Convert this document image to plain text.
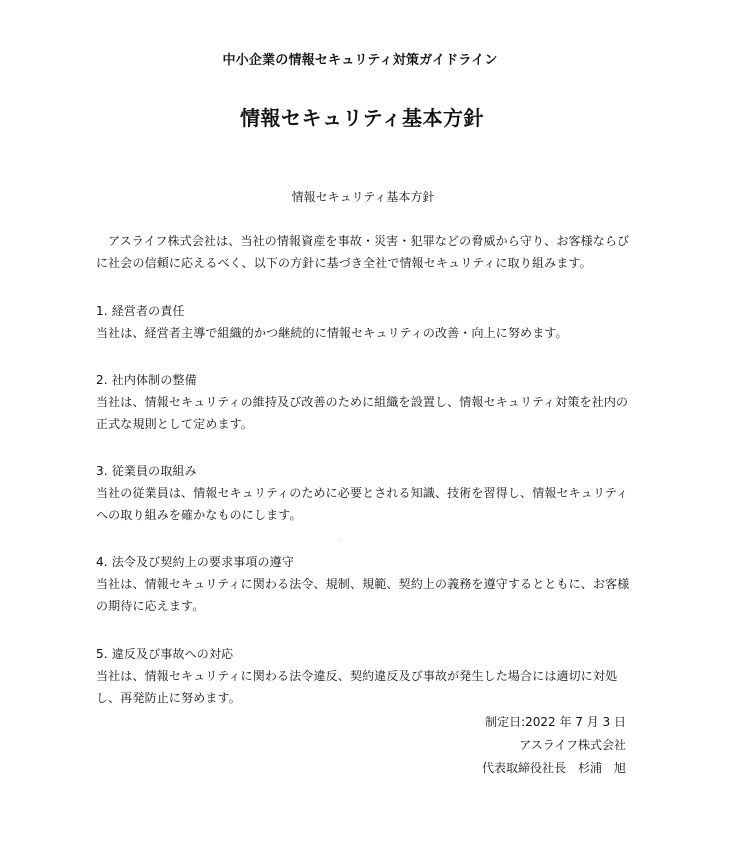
中小企業の情報セキュリティ対策ガイドライン
情報セキュリティ基本方針
情報セキュリティ基本方針
アスライフ株式会社は、当社の情報資産を事故・災害・犯罪などの脅威から守り、お客様ならびに社会の信頼に応えるべく、以下の方針に基づき全社で情報セキュリティに取り組みます。
1. 経営者の責任
当社は、経営者主導で組織的かつ継続的に情報セキュリティの改善・向上に努めます。
2. 社内体制の整備
当社は、情報セキュリティの維持及び改善のために組織を設置し、情報セキュリティ対策を社内の正式な規則として定めます。
3. 従業員の取組み
当社の従業員は、情報セキュリティのために必要とされる知識、技術を習得し、情報セキュリティへの取り組みを確かなものにします。
4. 法令及び契約上の要求事項の遵守
当社は、情報セキュリティに関わる法令、規制、規範、契約上の義務を遵守するとともに、お客様の期待に応えます。
5. 違反及び事故への対応
当社は、情報セキュリティに関わる法令違反、契約違反及び事故が発生した場合には適切に対処し、再発防止に努めます。
制定日:2022 年 7 月 3 日
アスライフ株式会社
代表取締役社長　杉浦　旭
